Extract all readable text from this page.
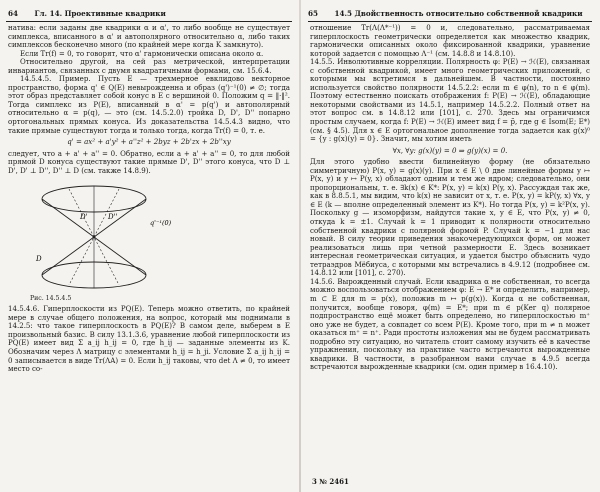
64 Гл. 14. Проективные квадрики

натива: если заданы две квадрики α и α', то либо вообще не существует симплекса, вписанного в α' и автополярного относительно α, либо таких симплексов бесконечно много (по крайней мере когда K замкнуто).

Если Tr(f) = 0, то говорят, что α' гармонически описана около α.

Относительно другой, на сей раз метрической, интерпретации инвариантов, связанных с двумя квадратичными формами, см. 15.6.4.

14.5.4.5. Пример. Пусть E — трехмерное евклидово векторное пространство, форма q' ∈ Q(E) невырожденна и образ (q')⁻¹(0) ≠ ∅; тогда этот образ представляет собой конус в E с вершиной 0. Положим q = ‖·‖². Тогда симплекс из P(E), вписанный в α' = p(q') и автополярный относительно α = p(q), — это (см. 14.5.2.0) тройка D, D', D'' попарно ортогональных прямых конуса. Из доказательства 14.5.4.3 видно, что такие прямые существуют тогда и только тогда, когда Tr(f) = 0, т. е.

q' = ax² + a'y² + a''z² + 2byz + 2b'zx + 2b''xy

следует, что a + a' + a'' = 0. Обратно, если a + a' + a'' = 0, то для любой прямой D конуса существуют такие прямые D', D'' этого конуса, что D ⊥ D', D' ⊥ D'', D'' ⊥ D (см. также 14.8.9).

D'	D''
D
q'⁻¹(0)
Рис. 14.5.4.5

14.5.4.6. Гиперплоскости из PQ(E). Теперь можно ответить, по крайней мере в случае общего положения, на вопрос, который мы поднимали в 14.2.5: что такое гиперплоскость в PQ(E)? В самом деле, выберем в E произвольный базис. В силу 13.1.3.6, уравнение любой гиперплоскости из PQ(E) имеет вид Σ a_ij h_ij = 0, где h_ij — заданные элементы из K. Обозначим через Λ матрицу с элементами h_ij = h_ji. Условие Σ a_ij h_ij = 0 записывается в виде Tr(ΛA) = 0. Если h_ij таковы, что det Λ ≠ 0, то имеет место со-

65 14.5 Двойственность относительно собственной квадрики

отношение Tr(Λ(Λ*⁻¹)) = 0 и, следовательно, рассматриваемая гиперплоскость геометрически определяется как множество квадрик, гармонически описанных около фиксированной квадрики, уравнение которой задается с помощью Λ⁻¹ (см. 14.8.8 и 14.8.10).

14.5.5. Инволютивные корреляции. Полярность φ: P(E) → ℋ(E), связанная с собственной квадрикой, имеет много геометрических приложений, с которыми мы встретимся в дальнейшем. В частности, постоянно используется свойство полярности 14.5.2.2: если m ∈ φ(n), то n ∈ φ(m). Поэтому естественно поискать отображения f: P(E) → ℋ(E), обладающие некоторыми свойствами из 14.5.1, например 14.5.2.2. Полный ответ на этот вопрос см. в 14.8.12 или [101], с. 270. Здесь мы ограничимся простым случаем, когда f: P(E) → ℋ(E) имеет вид f = p̃, где g ∈ Isom(E; E*) (см. § 4.5). Для x ∈ E ортогональное дополнение тогда задается как g(x)⁰ = {y : g(x)(y) = 0}. Значит, мы хотим иметь

∀x, ∀y: g(x)(y) = 0 ⇒ g(y)(x) = 0.

Для этого удобно ввести билинейную форму (не обязательно симметричную) P(x, y) = g(x)(y). При x ∈ E \ 0 две линейные формы y ↦ P(x, y) и y ↦ P(y, x) обладают одним и тем же ядром; следовательно, они пропорциональны, т. е. ∃k(x) ∈ K*: P(x, y) = k(x) P(y, x). Рассуждая так же, как в 8.8.5.1, мы видим, что k(x) не зависит от x, т. е. P(x, y) = kP(y, x) ∀x, y ∈ E (k — вполне определенный элемент из K*). Но тогда P(x, y) = k²P(x, y). Поскольку g — изоморфизм, найдутся такие x, y ∈ E, что P(x, y) ≠ 0, откуда k = ±1. Случай k = 1 приводит к полярности относительно собственной квадрики с полярной формой P. Случай k = −1 для нас новый. В силу теории приведения знакочередующихся форм, он может реализоваться лишь при четной размерности E. Здесь возникает интересная геометрическая ситуация, и удается быстро объяснить чудо тетраэдров Мёбиуса, с которыми мы встречались в 4.9.12 (подробнее см. 14.8.12 или [101], с. 270).

14.5.6. Вырожденный случай. Если квадрика α не собственная, то всегда можно воспользоваться отображением φ: E → E* и определить, например, m ⊂ E для m = p(x), положив m ↦ p(g(x)). Когда α не собственная, получится, вообще говоря, φ(m) = E*; при m ∈ p(Ker q) полярное подпространство ещё может быть определено, но гиперплоскостью m⁺ оно уже не будет, а совпадет со всем P(E). Кроме того, при m ≠ n может оказаться m⁺ = n⁺. Ради простоты изложения мы не будем рассматривать подробно эту ситуацию, но читатель стоит самому изучить её в качестве упражнения, поскольку на практике часто встречаются вырожденные квадрики. В частности, в разобранном нами случае в 4.9.5 всегда встречаются вырожденные квадрики (см. один пример в 16.4.10).

3 № 2461
